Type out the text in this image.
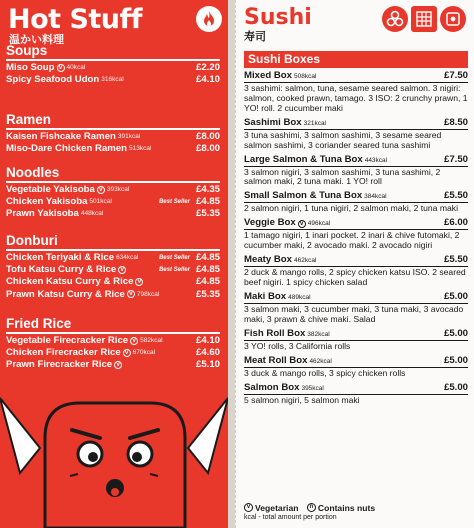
Hot Stuff
温かい料理
Soups
Miso Soup v 40kcal	£2.20
Spicy Seafood Udon 316kcal	£4.10
Ramen
Kaisen Fishcake Ramen 391kcal	£8.00
Miso-Dare Chicken Ramen 513kcal	£8.00
Noodles
Vegetable Yakisoba v 393kcal	£4.35
Chicken Yakisoba 501kcal	Best Seller £4.85
Prawn Yakisoba 448kcal	£5.35
Donburi
Chicken Teriyaki & Rice 634kcal	Best Seller £4.85
Tofu Katsu Curry & Rice v	Best Seller £4.85
Chicken Katsu Curry & Rice v	£4.85
Prawn Katsu Curry & Rice v 798kcal	£5.35
Fried Rice
Vegetable Firecracker Rice v 582kcal	£4.10
Chicken Firecracker Rice v 670kcal	£4.60
Prawn Firecracker Rice v	£5.10
Sushi
寿司
Sushi Boxes
Mixed Box 508kcal	£7.50
3 sashimi: salmon, tuna, sesame seared salmon. 3 nigiri: salmon, cooked prawn, tamago. 3 ISO: 2 crunchy prawn, 1 YO! roll. 2 cucumber maki
Sashimi Box 321kcal	£8.50
3 tuna sashimi, 3 salmon sashimi, 3 sesame seared salmon sashimi, 3 coriander seared tuna sashimi
Large Salmon & Tuna Box 443kcal	£7.50
3 salmon nigiri, 3 salmon sashimi, 3 tuna sashimi, 2 salmon maki, 2 tuna maki. 1 YO! roll
Small Salmon & Tuna Box 384kcal	£5.50
2 salmon nigiri, 1 tuna nigiri, 2 salmon maki, 2 tuna maki
Veggie Box v 496kcal	£6.00
1 tamago nigiri, 1 inari pocket. 2 inari & chive futomaki, 2 cucumber maki, 2 avocado maki. 2 avocado nigiri
Meaty Box 462kcal	£5.50
2 duck & mango rolls, 2 spicy chicken katsu ISO. 2 seared beef nigiri. 1 spicy chicken salad
Maki Box 489kcal	£5.00
3 salmon maki, 3 cucumber maki, 3 tuna maki, 3 avocado maki, 3 prawn & chive maki. Salad
Fish Roll Box 382kcal	£5.00
3 YO! rolls, 3 California rolls
Meat Roll Box 462kcal	£5.00
3 duck & mango rolls, 3 spicy chicken rolls
Salmon Box 395kcal	£5.00
5 salmon nigiri, 5 salmon maki
v Vegetarian
	n Contains nuts
kcal - total amount per portion
